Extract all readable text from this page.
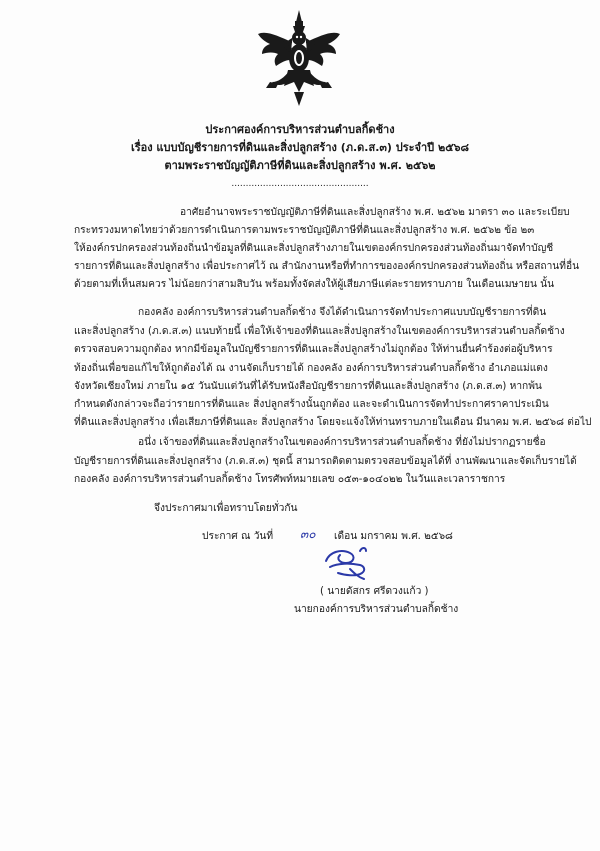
ประกาศองค์การบริหารส่วนตำบลกิ้ดช้าง
เรื่อง แบบบัญชีรายการที่ดินและสิ่งปลูกสร้าง (ภ.ด.ส.๓) ประจำปี ๒๕๖๘
ตามพระราชบัญญัติภาษีที่ดินและสิ่งปลูกสร้าง พ.ศ. ๒๕๖๒
................................................
อาศัยอำนาจพระราชบัญญัติภาษีที่ดินและสิ่งปลูกสร้าง พ.ศ. ๒๕๖๒ มาตรา ๓๐ และระเบียบ
กระทรวงมหาดไทยว่าด้วยการดำเนินการตามพระราชบัญญัติภาษีที่ดินและสิ่งปลูกสร้าง พ.ศ. ๒๕๖๒ ข้อ ๒๓
ให้องค์กรปกครองส่วนท้องถิ่นนำข้อมูลที่ดินและสิ่งปลูกสร้างภายในเขตองค์กรปกครองส่วนท้องถิ่นมาจัดทำบัญชี
รายการที่ดินและสิ่งปลูกสร้าง เพื่อประกาศไว้ ณ สำนักงานหรือที่ทำการขององค์กรปกครองส่วนท้องถิ่น หรือสถานที่อื่น
ด้วยตามที่เห็นสมควร ไม่น้อยกว่าสามสิบวัน พร้อมทั้งจัดส่งให้ผู้เสียภาษีแต่ละรายทราบภาย ในเดือนเมษายน นั้น
กองคลัง องค์การบริหารส่วนตำบลกิ้ดช้าง จึงได้ดำเนินการจัดทำประกาศแบบบัญชีรายการที่ดิน
และสิ่งปลูกสร้าง (ภ.ด.ส.๓) แนบท้ายนี้ เพื่อให้เจ้าของที่ดินและสิ่งปลูกสร้างในเขตองค์การบริหารส่วนตำบลกิ้ดช้าง
ตรวจสอบความถูกต้อง หากมีข้อมูลในบัญชีรายการที่ดินและสิ่งปลูกสร้างไม่ถูกต้อง ให้ท่านยื่นคำร้องต่อผู้บริหาร
ท้องถิ่นเพื่อขอแก้ไขให้ถูกต้องได้ ณ งานจัดเก็บรายได้ กองคลัง องค์การบริหารส่วนตำบลกิ้ดช้าง อำเภอแม่แตง
จังหวัดเชียงใหม่ ภายใน ๑๕ วันนับแต่วันที่ได้รับหนังสือบัญชีรายการที่ดินและสิ่งปลูกสร้าง (ภ.ด.ส.๓) หากพ้น
กำหนดดังกล่าวจะถือว่ารายการที่ดินและ สิ่งปลูกสร้างนั้นถูกต้อง และจะดำเนินการจัดทำประกาศราคาประเมิน
ที่ดินและสิ่งปลูกสร้าง เพื่อเสียภาษีที่ดินและ สิ่งปลูกสร้าง โดยจะแจ้งให้ท่านทราบภายในเดือน มีนาคม พ.ศ. ๒๕๖๘ ต่อไป
อนึ่ง เจ้าของที่ดินและสิ่งปลูกสร้างในเขตองค์การบริหารส่วนตำบลกิ้ดช้าง ที่ยังไม่ปรากฏรายชื่อ
บัญชีรายการที่ดินและสิ่งปลูกสร้าง (ภ.ด.ส.๓) ชุดนี้ สามารถติดตามตรวจสอบข้อมูลได้ที่ งานพัฒนาและจัดเก็บรายได้
กองคลัง องค์การบริหารส่วนตำบลกิ้ดช้าง โทรศัพท์หมายเลข ๐๕๓-๑๐๔๐๒๒ ในวันและเวลาราชการ
จึงประกาศมาเพื่อทราบโดยทั่วกัน
ประกาศ ณ วันที่	๓๐	เดือน มกราคม พ.ศ. ๒๕๖๘
( นายดัสกร ศรีดวงแก้ว )
นายกองค์การบริหารส่วนตำบลกิ้ดช้าง
